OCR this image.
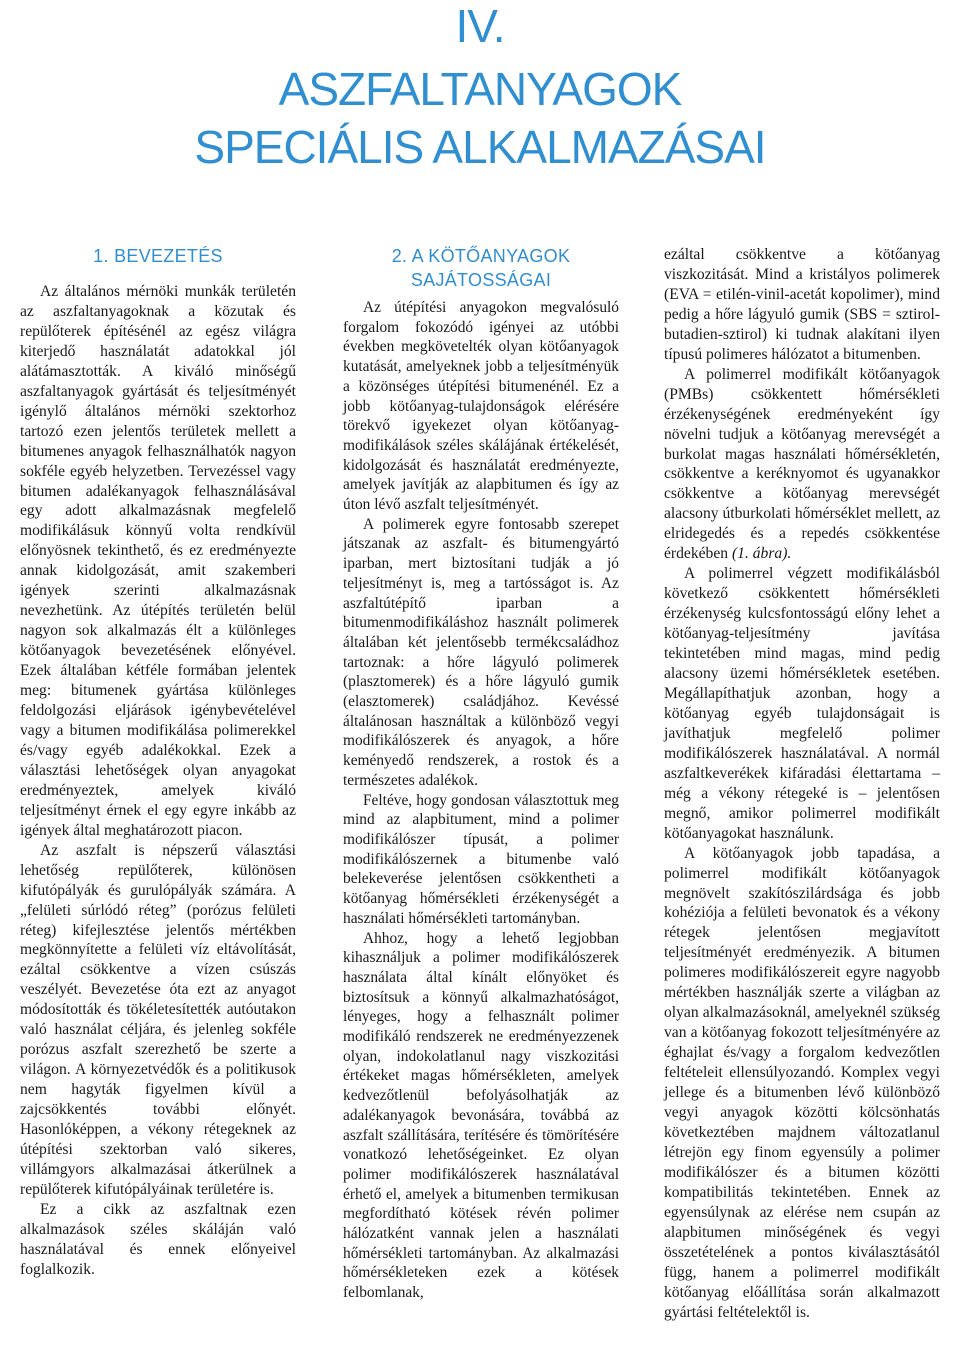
IV.
ASZFALTANYAGOK
SPECIÁLIS ALKALMAZÁSAI
1. BEVEZETÉS

Az általános mérnöki munkák területén az aszfaltanyagoknak a közutak és repülőterek építésénél az egész világra kiterjedő használatát adatokkal jól alátámasztották. A kiváló minőségű aszfaltanyagok gyártását és teljesítményét igénylő általános mérnöki szektorhoz tartozó ezen jelentős területek mellett a bitumenes anyagok felhasználhatók nagyon sokféle egyéb helyzetben. Tervezéssel vagy bitumen adalékanyagok felhasználásával egy adott alkalmazásnak megfelelő modifikálásuk könnyű volta rendkívül előnyösnek tekinthető, és ez eredményezte annak kidolgozását, amit szakemberi igények szerinti alkalmazásnak nevezhetünk. Az útépítés területén belül nagyon sok alkalmazás élt a különleges kötőanyagok bevezetésének előnyével. Ezek általában kétféle formában jelentek meg: bitumenek gyártása különleges feldolgozási eljárások igénybevételével vagy a bitumen modifikálása polimerekkel és/vagy egyéb adalékokkal. Ezek a választási lehetőségek olyan anyagokat eredményeztek, amelyek kiváló teljesítményt érnek el egy egyre inkább az igények által meghatározott piacon.

Az aszfalt is népszerű választási lehetőség repülőterek, különösen kifutópályák és gurulópályák számára. A „felületi súrlódó réteg” (porózus felületi réteg) kifejlesztése jelentős mértékben megkönnyítette a felületi víz eltávolítását, ezáltal csökkentve a vízen csúszás veszélyét. Bevezetése óta ezt az anyagot módosították és tökéletesítették autóutakon való használat céljára, és jelenleg sokféle porózus aszfalt szerezhető be szerte a világon. A környezetvédők és a politikusok nem hagyták figyelmen kívül a zajcsökkentés további előnyét. Hasonlóképpen, a vékony rétegeknek az útépítési szektorban való sikeres, villámgyors alkalmazásai átkerülnek a repülőterek kifutópályáinak területére is.

Ez a cikk az aszfaltnak ezen alkalmazások széles skáláján való használatával és ennek előnyeivel foglalkozik.

2. A KÖTŐANYAGOK
SAJÁTOSSÁGAI

Az útépítési anyagokon megvalósuló forgalom fokozódó igényei az utóbbi években megkövetelték olyan kötőanyagok kutatását, amelyeknek jobb a teljesítményük a közönséges útépítési bitumenénél. Ez a jobb kötőanyag-tulajdonságok elérésére törekvő igyekezet olyan kötőanyag-modifikálások széles skálájának értékelését, kidolgozását és használatát eredményezte, amelyek javítják az alapbitumen és így az úton lévő aszfalt teljesítményét.

A polimerek egyre fontosabb szerepet játszanak az aszfalt- és bitumengyártó iparban, mert biztosítani tudják a jó teljesítményt is, meg a tartósságot is. Az aszfaltútépítő iparban a bitumenmodifikáláshoz használt polimerek általában két jelentősebb termékcsaládhoz tartoznak: a hőre lágyuló polimerek (plasztomerek) és a hőre lágyuló gumik (elasztomerek) családjához. Kevéssé általánosan használtak a különböző vegyi modifikálószerek és anyagok, a hőre keményedő rendszerek, a rostok és a természetes adalékok.

Feltéve, hogy gondosan választottuk meg mind az alapbitument, mind a polimer modifikálószer típusát, a polimer modifikálószernek a bitumenbe való belekeverése jelentősen csökkentheti a kötőanyag hőmérsékleti érzékenységét a használati hőmérsékleti tartományban.

Ahhoz, hogy a lehető legjobban kihasználjuk a polimer modifikálószerek használata által kínált előnyöket és biztosítsuk a könnyű alkalmazhatóságot, lényeges, hogy a felhasznált polimer modifikáló rendszerek ne eredményezzenek olyan, indokolatlanul nagy viszkozitási értékeket magas hőmérsékleten, amelyek kedvezőtlenül befolyásolhatják az adalékanyagok bevonására, továbbá az aszfalt szállítására, terítésére és tömörítésére vonatkozó lehetőségeinket. Ez olyan polimer modifikálószerek használatával érhető el, amelyek a bitumenben termikusan megfordítható kötések révén polimer hálózatként vannak jelen a használati hőmérsékleti tartományban. Az alkalmazási hőmérsékleteken ezek a kötések felbomlanak,

ezáltal csökkentve a kötőanyag viszkozitását. Mind a kristályos polimerek (EVA = etilén-vinil-acetát kopolimer), mind pedig a hőre lágyuló gumik (SBS = sztirol-butadien-sztirol) ki tudnak alakítani ilyen típusú polimeres hálózatot a bitumenben.

A polimerrel modifikált kötőanyagok (PMBs) csökkentett hőmérsékleti érzékenységének eredményeként így növelni tudjuk a kötőanyag merevségét a burkolat magas használati hőmérsékletén, csökkentve a keréknyomot és ugyanakkor csökkentve a kötőanyag merevségét alacsony útburkolati hőmérséklet mellett, az elridegedés és a repedés csökkentése érdekében (1. ábra).

A polimerrel végzett modifikálásból következő csökkentett hőmérsékleti érzékenység kulcsfontosságú előny lehet a kötőanyag-teljesítmény javítása tekintetében mind magas, mind pedig alacsony üzemi hőmérsékletek esetében. Megállapíthatjuk azonban, hogy a kötőanyag egyéb tulajdonságait is javíthatjuk megfelelő polimer modifikálószerek használatával. A normál aszfaltkeverékek kifáradási élettartama – még a vékony rétegeké is – jelentősen megnő, amikor polimerrel modifikált kötőanyagokat használunk.

A kötőanyagok jobb tapadása, a polimerrel modifikált kötőanyagok megnövelt szakítószilárdsága és jobb kohéziója a felületi bevonatok és a vékony rétegek jelentősen megjavított teljesítményét eredményezik. A bitumen polimeres modifikálószereit egyre nagyobb mértékben használják szerte a világban az olyan alkalmazásoknál, amelyeknél szükség van a kötőanyag fokozott teljesítményére az éghajlat és/vagy a forgalom kedvezőtlen feltételeit ellensúlyozandó. Komplex vegyi jellege és a bitumenben lévő különböző vegyi anyagok közötti kölcsönhatás következtében majdnem változatlanul létrejön egy finom egyensúly a polimer modifikálószer és a bitumen közötti kompatibilitás tekintetében. Ennek az egyensúlynak az elérése nem csupán az alapbitumen minőségének és vegyi összetételének a pontos kiválasztásától függ, hanem a polimerrel modifikált kötőanyag előállítása során alkalmazott gyártási feltételektől is.
